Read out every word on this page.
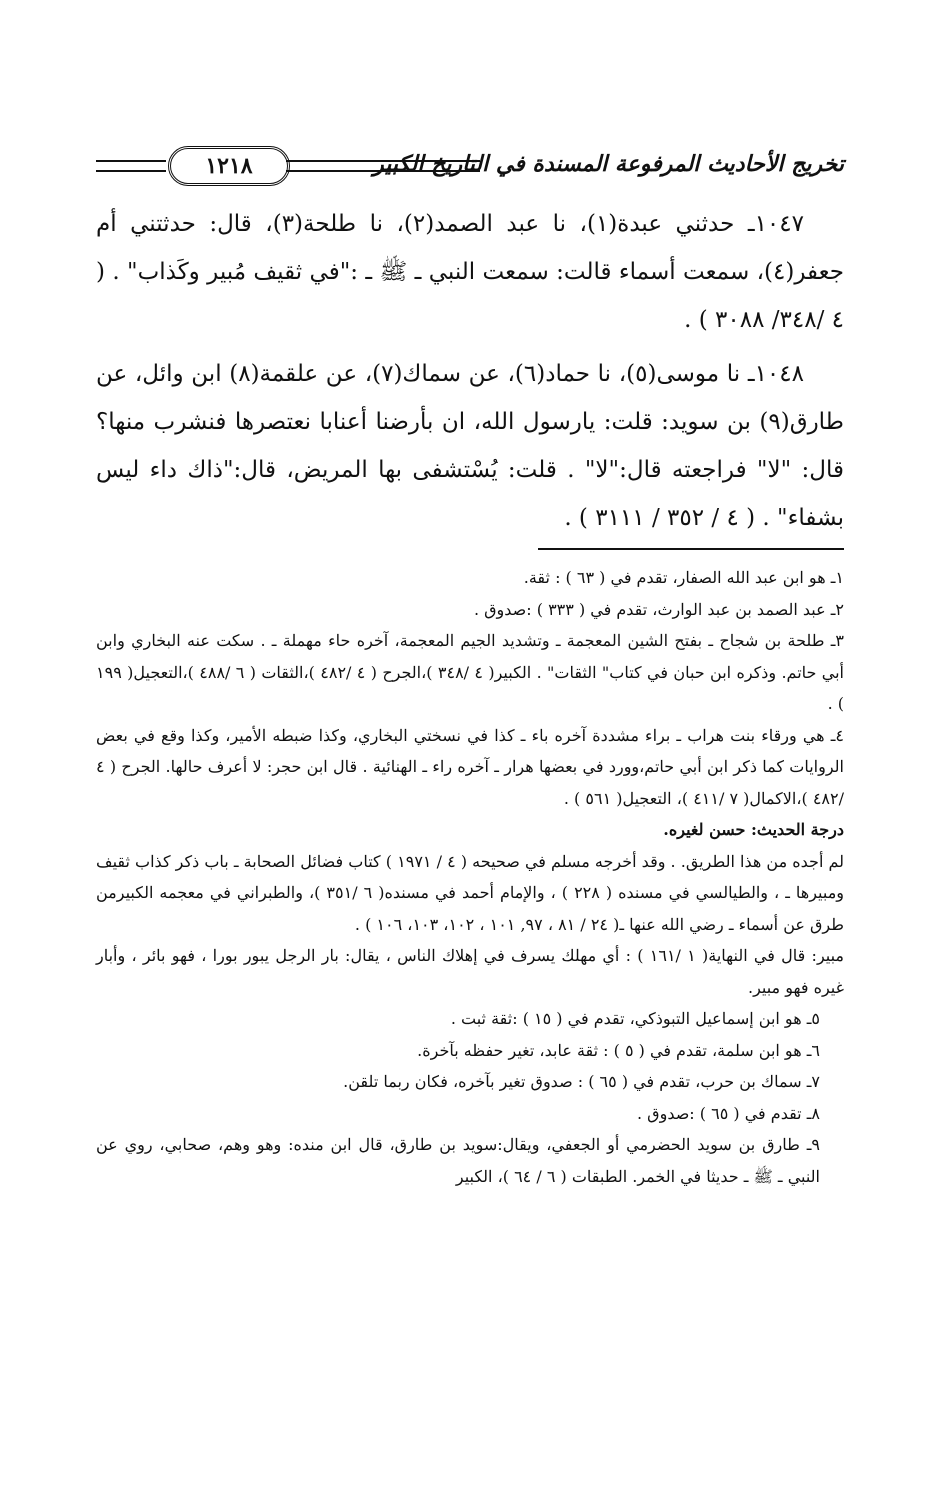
تخريج الأحاديث المرفوعة المسندة في التاريخ الكبير
١٢١٨

١٠٤٧ـ حدثني عبدة(١)، نا عبد الصمد(٢)، نا طلحة(٣)، قال: حدثتني أم جعفر(٤)، سمعت أسماء قالت: سمعت النبي ـ ﷺ ـ :"في ثقيف مُبير وكَذاب" . ( ٤ /٣٤٨/ ٣٠٨٨ ) .

١٠٤٨ـ نا موسى(٥)، نا حماد(٦)، عن سماك(٧)، عن علقمة(٨) ابن وائل، عن طارق(٩) بن سويد: قلت: يارسول الله، ان بأرضنا أعنابا نعتصرها فنشرب منها؟ قال: "لا" فراجعته قال:"لا" . قلت: يُسْتشفى بها المريض، قال:"ذاك داء ليس بشفاء" . ( ٤ / ٣٥٢ / ٣١١١ ) .

١ـ هو ابن عبد الله الصفار، تقدم في ( ٦٣ ) : ثقة.

٢ـ عبد الصمد بن عبد الوارث، تقدم في ( ٣٣٣ ) :صدوق .

٣ـ طلحة بن شجاح ـ بفتح الشين المعجمة ـ وتشديد الجيم المعجمة، آخره حاء مهملة ـ . سكت عنه البخاري وابن أبي حاتم. وذكره ابن حبان في كتاب" الثقات" . الكبير( ٤ /٣٤٨ )،الجرح ( ٤ /٤٨٢ )،الثقات ( ٦ /٤٨٨ )،التعجيل( ١٩٩ ) .

٤ـ هي ورقاء بنت هراب ـ براء مشددة آخره باء ـ كذا في نسختي البخاري، وكذا ضبطه الأمير، وكذا وقع في بعض الروايات كما ذكر ابن أبي حاتم،وورد في بعضها هرار ـ آخره راء ـ الهنائية . قال ابن حجر: لا أعرف حالها. الجرح ( ٤ /٤٨٢ )،الاكمال( ٧ /٤١١ )، التعجيل( ٥٦١ ) .

درجة الحديث: حسن لغيره.

لم أجده من هذا الطريق. . وقد أخرجه مسلم في صحيحه ( ٤ / ١٩٧١ ) كتاب فضائل الصحابة ـ باب ذكر كذاب ثقيف ومبيرها ـ ، والطيالسي في مسنده ( ٢٢٨ ) ، والإمام أحمد في مسنده( ٦ /٣٥١ )، والطبراني في معجمه الكبيرمن طرق عن أسماء ـ رضي الله عنها ـ( ٢٤ / ٨١ ، ٩٧, ١٠١ ، ١٠٢، ١٠٣، ١٠٦ ) .

مبير: قال في النهاية( ١ /١٦١ ) : أي مهلك يسرف في إهلاك الناس ، يقال: بار الرجل يبور بورا ، فهو بائر ، وأبار غيره فهو مبير.

٥ـ هو ابن إسماعيل التبوذكي، تقدم في ( ١٥ ) :ثقة ثبت .

٦ـ هو ابن سلمة، تقدم في ( ٥ ) : ثقة عابد، تغير حفظه بآخرة.

٧ـ سماك بن حرب، تقدم في ( ٦٥ ) : صدوق تغير بآخره، فكان ربما تلقن.

٨ـ تقدم في ( ٦٥ ) :صدوق .

٩ـ طارق بن سويد الحضرمي أو الجعفي، ويقال:سويد بن طارق، قال ابن منده: وهو وهم، صحابي، روي عن النبي ـ ﷺ ـ حديثا في الخمر. الطبقات ( ٦ / ٦٤ )، الكبير
